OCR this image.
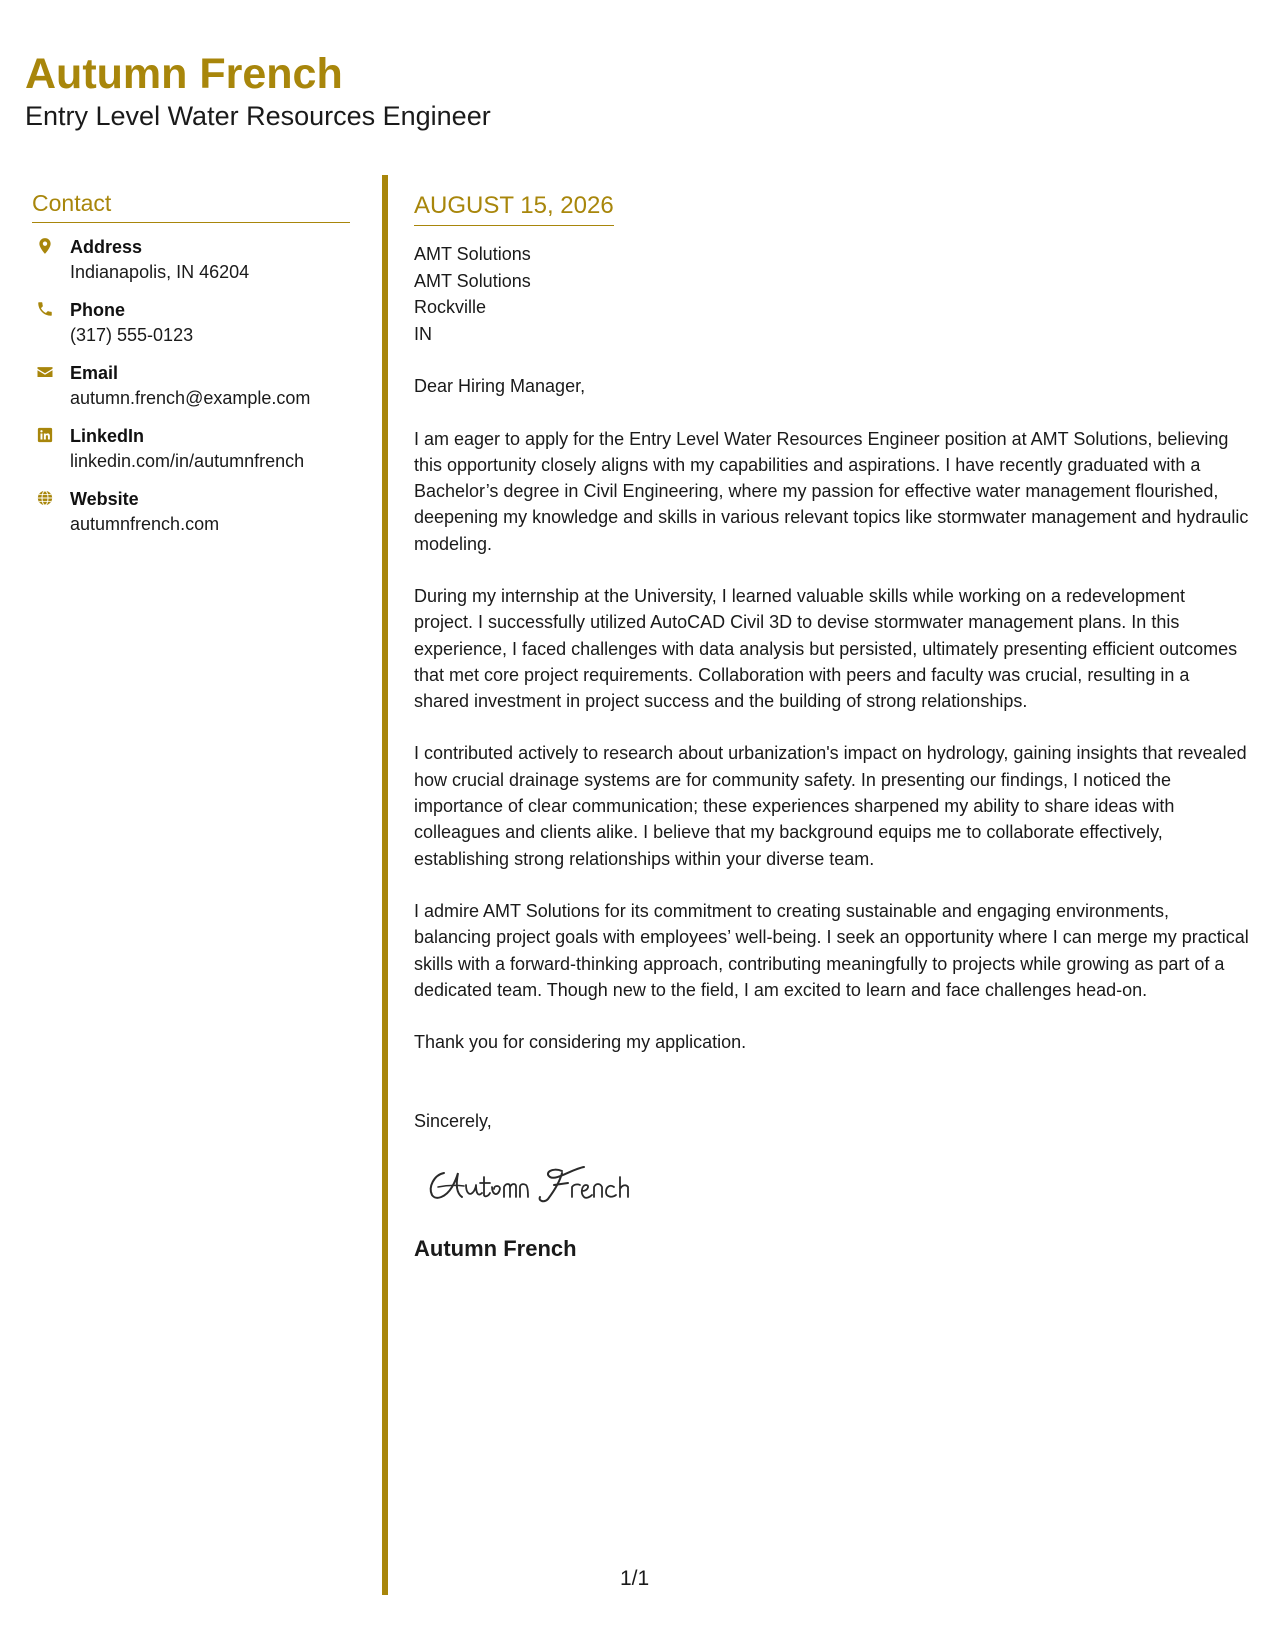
Autumn French
Entry Level Water Resources Engineer
Contact
Address
Indianapolis, IN 46204
Phone
(317) 555-0123
Email
autumn.french@example.com
LinkedIn
linkedin.com/in/autumnfrench
Website
autumnfrench.com
AUGUST 15, 2026
AMT Solutions
AMT Solutions
Rockville
IN
Dear Hiring Manager,
I am eager to apply for the Entry Level Water Resources Engineer position at AMT Solutions, believing this opportunity closely aligns with my capabilities and aspirations. I have recently graduated with a Bachelor’s degree in Civil Engineering, where my passion for effective water management flourished, deepening my knowledge and skills in various relevant topics like stormwater management and hydraulic modeling.
During my internship at the University, I learned valuable skills while working on a redevelopment project. I successfully utilized AutoCAD Civil 3D to devise stormwater management plans. In this experience, I faced challenges with data analysis but persisted, ultimately presenting efficient outcomes that met core project requirements. Collaboration with peers and faculty was crucial, resulting in a shared investment in project success and the building of strong relationships.
I contributed actively to research about urbanization's impact on hydrology, gaining insights that revealed how crucial drainage systems are for community safety. In presenting our findings, I noticed the importance of clear communication; these experiences sharpened my ability to share ideas with colleagues and clients alike. I believe that my background equips me to collaborate effectively, establishing strong relationships within your diverse team.
I admire AMT Solutions for its commitment to creating sustainable and engaging environments, balancing project goals with employees’ well-being. I seek an opportunity where I can merge my practical skills with a forward-thinking approach, contributing meaningfully to projects while growing as part of a dedicated team. Though new to the field, I am excited to learn and face challenges head-on.
Thank you for considering my application.
Sincerely,
Autumn French
1/1
